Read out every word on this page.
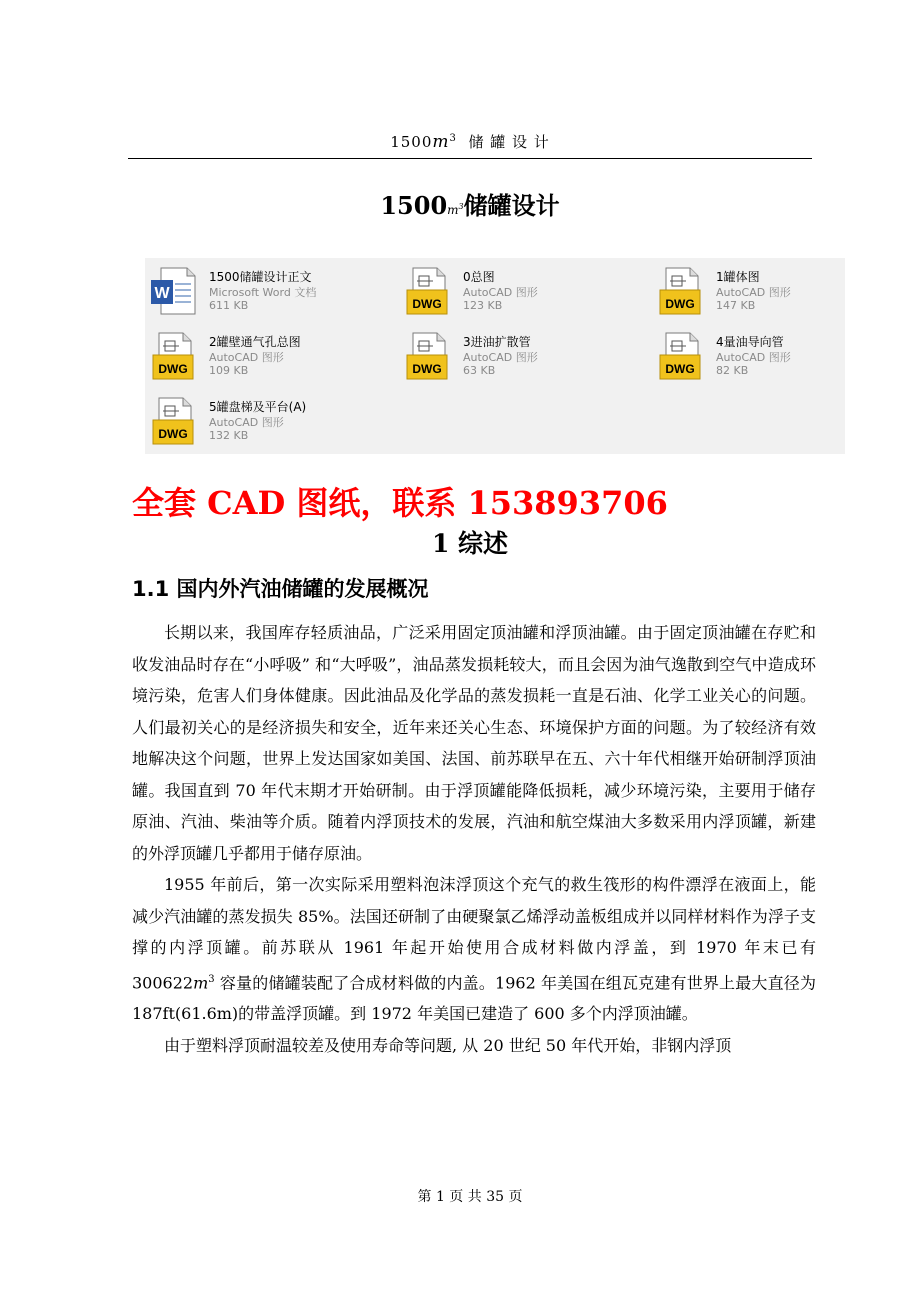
$1500m^3$ 储 罐 设 计
$1500m^3$储罐设计
W
1500储罐设计正文
Microsoft Word 文档
611 KB	DWG
0总图
AutoCAD 图形
123 KB	DWG
1罐体图
AutoCAD 图形
147 KB
DWG
2罐壁通气孔总图
AutoCAD 图形
109 KB	DWG
3进油扩散管
AutoCAD 图形
63 KB	DWG
4量油导向管
AutoCAD 图形
82 KB
DWG
5罐盘梯及平台(A)
AutoCAD 图形
132 KB
全套 CAD 图纸，联系 153893706
1 综述
1.1 国内外汽油储罐的发展概况

长期以来，我国库存轻质油品，广泛采用固定顶油罐和浮顶油罐。由于固定顶油罐在存贮和收发油品时存在“小呼吸” 和“大呼吸”，油品蒸发损耗较大，而且会因为油气逸散到空气中造成环境污染，危害人们身体健康。因此油品及化学品的蒸发损耗一直是石油、化学工业关心的问题。人们最初关心的是经济损失和安全，近年来还关心生态、环境保护方面的问题。为了较经济有效地解决这个问题，世界上发达国家如美国、法国、前苏联早在五、六十年代相继开始研制浮顶油罐。我国直到 70 年代末期才开始研制。由于浮顶罐能降低损耗，减少环境污染，主要用于储存原油、汽油、柴油等介质。随着内浮顶技术的发展，汽油和航空煤油大多数采用内浮顶罐，新建的外浮顶罐几乎都用于储存原油。

1955 年前后，第一次实际采用塑料泡沫浮顶这个充气的救生筏形的构件漂浮在液面上，能减少汽油罐的蒸发损失 85%。法国还研制了由硬聚氯乙烯浮动盖板组成并以同样材料作为浮子支撑的内浮顶罐。前苏联从 1961 年起开始使用合成材料做内浮盖，到 1970 年末已有 $300622m^3$ 容量的储罐装配了合成材料做的内盖。1962 年美国在组瓦克建有世界上最大直径为 187ft(61.6m)的带盖浮顶罐。到 1972 年美国已建造了 600 多个内浮顶油罐。

由于塑料浮顶耐温较差及使用寿命等问题, 从 20 世纪 50 年代开始，非钢内浮顶

第 1 页 共 35 页
